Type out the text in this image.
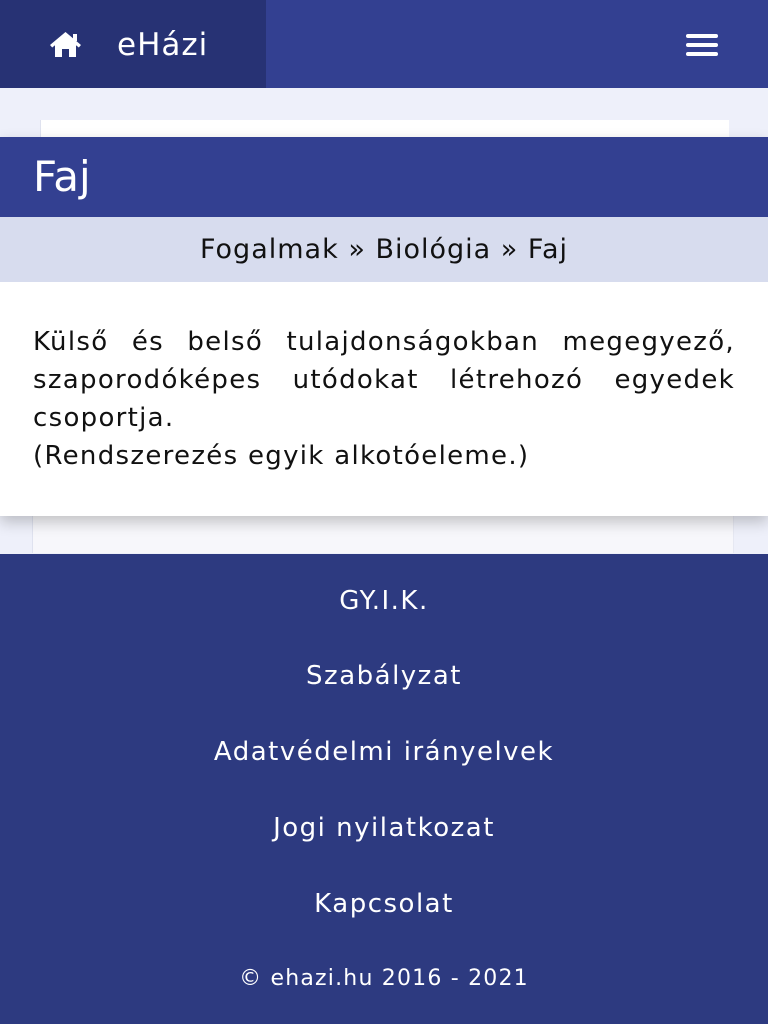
eHázi
Faj
Fogalmak » Biológia » Faj
Külső és belső tulajdonságokban megegyező, szaporodóképes utódokat létrehozó egyedek csoportja.
(Rendszerezés egyik alkotóeleme.)
GY.I.K.
Szabályzat
Adatvédelmi irányelvek
Jogi nyilatkozat
Kapcsolat
© ehazi.hu 2016 - 2021
